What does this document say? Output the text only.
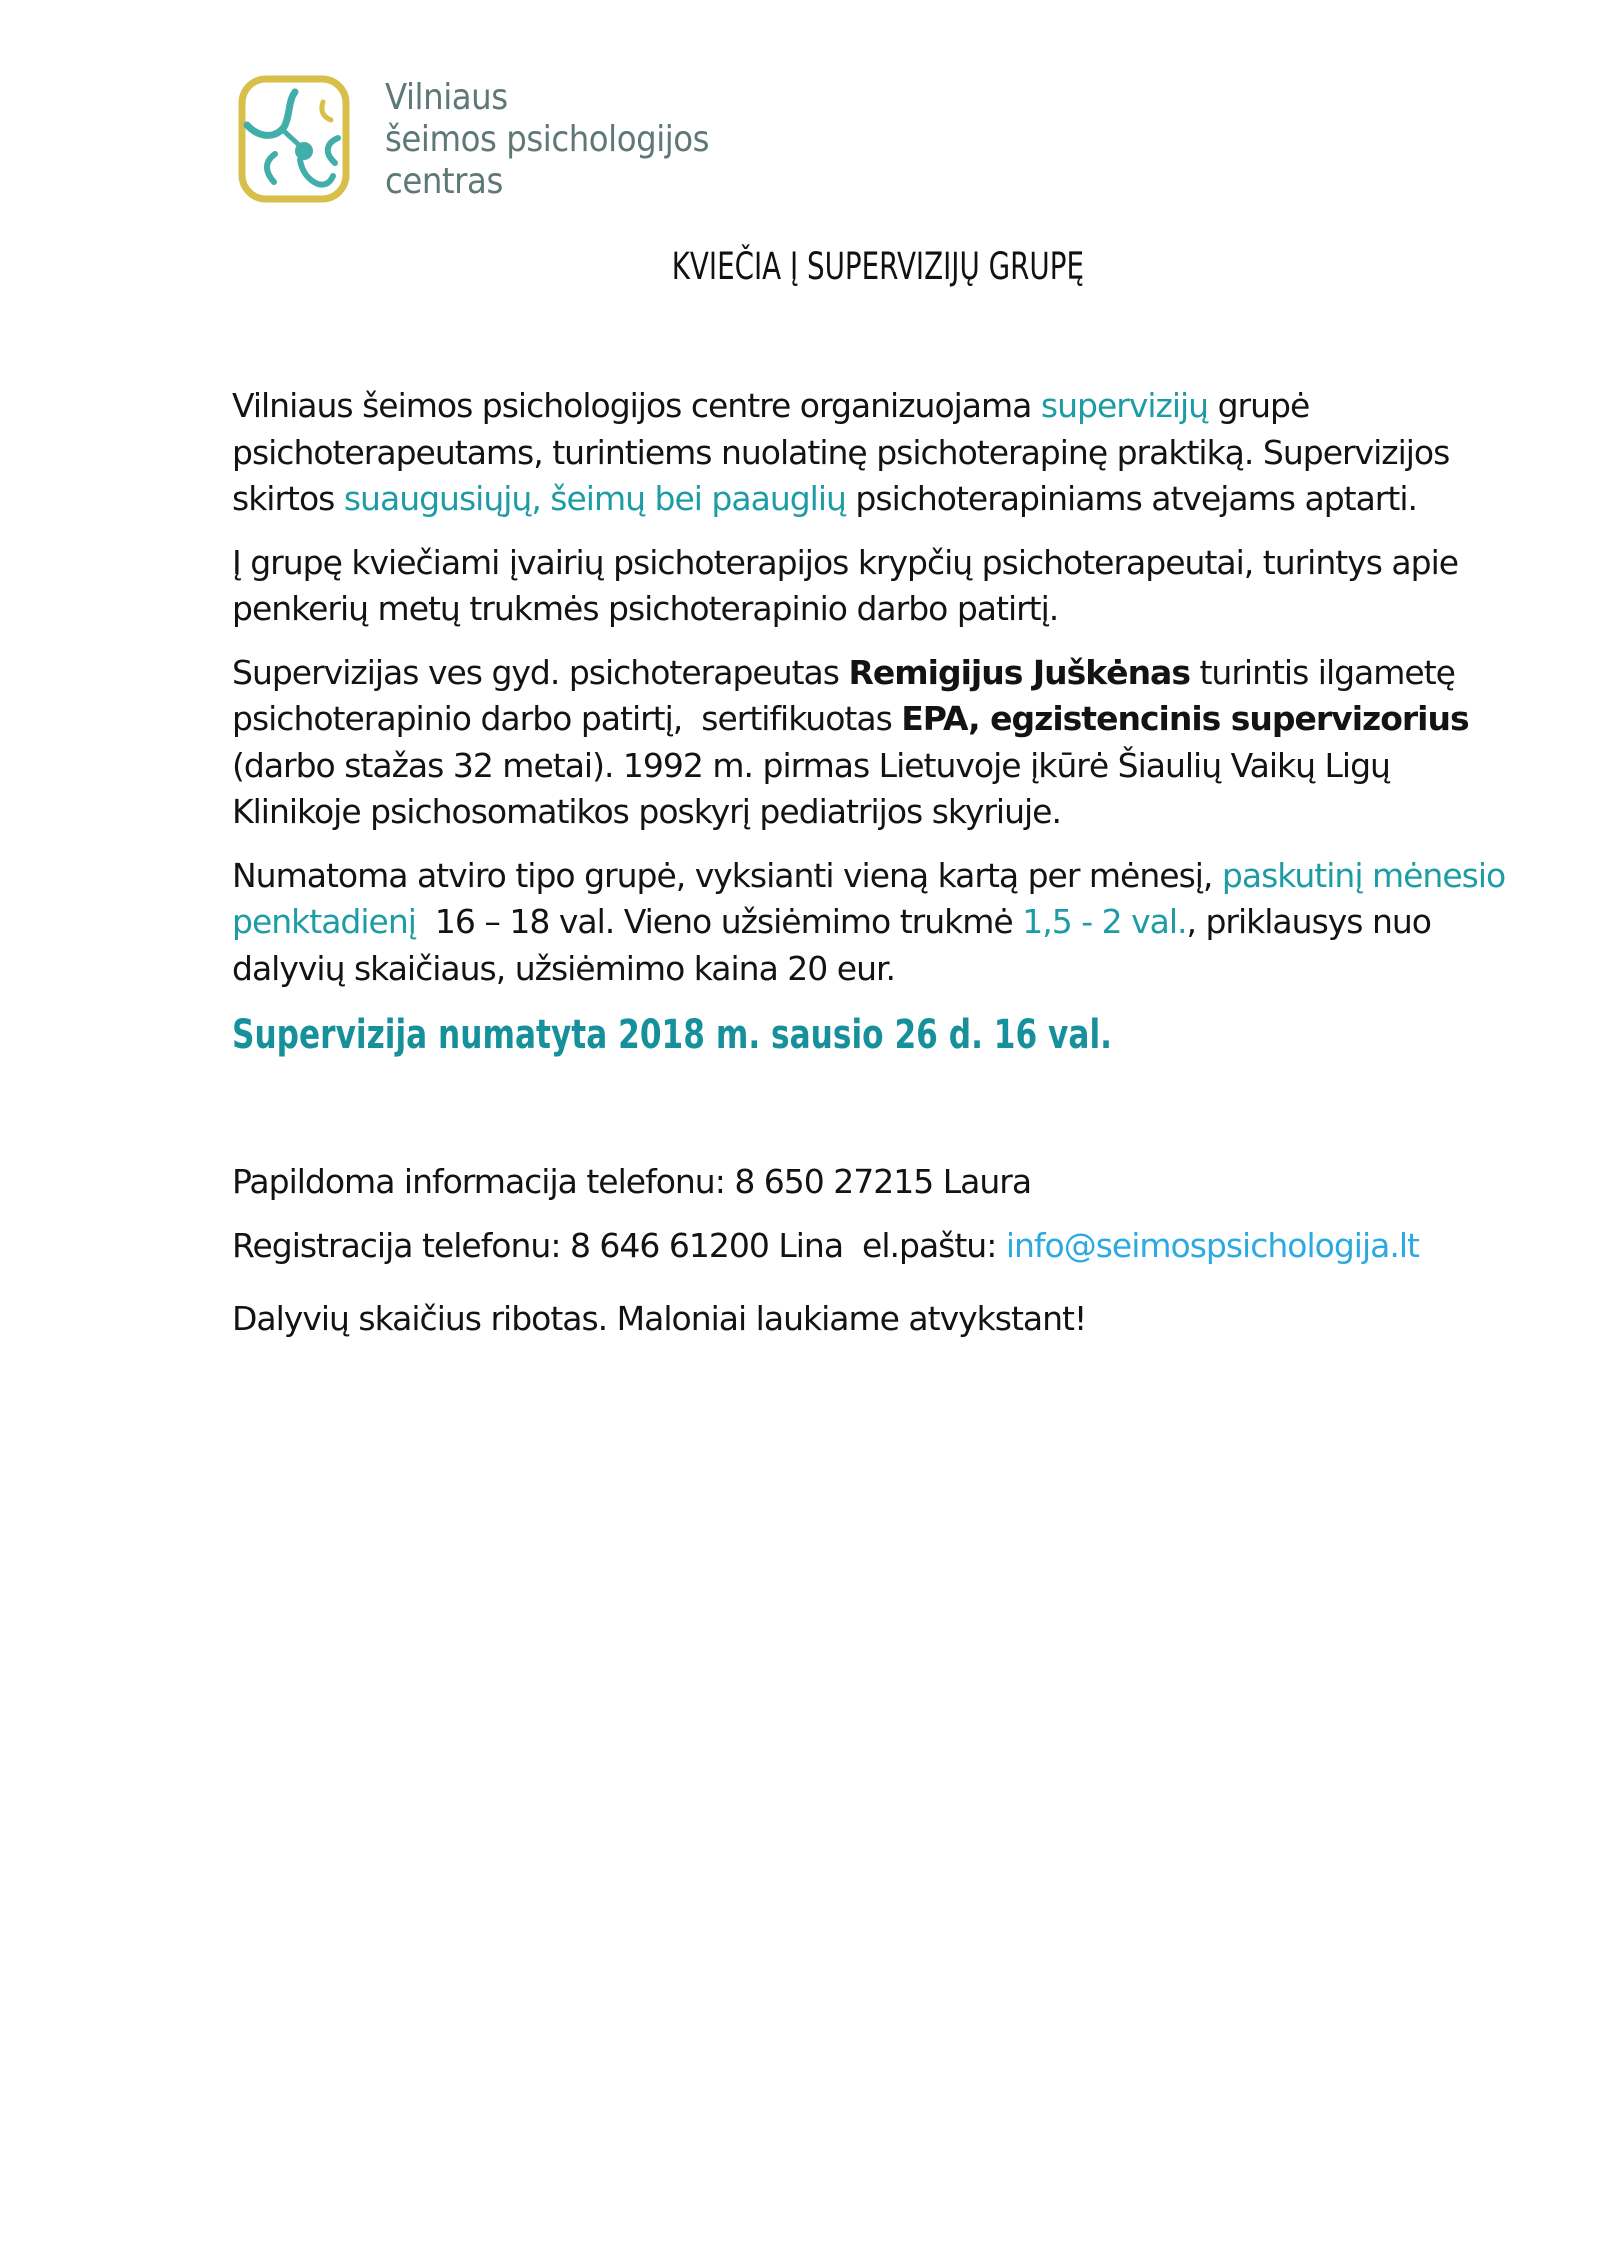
Vilniaus
šeimos psichologijos
centras
KVIEČIA Į SUPERVIZIJŲ GRUPĘ

Vilniaus šeimos psichologijos centre organizuojama supervizijų grupė psichoterapeutams, turintiems nuolatinę psichoterapinę praktiką. Supervizijos skirtos suaugusiųjų, šeimų bei paauglių psichoterapiniams atvejams aptarti.

Į grupę kviečiami įvairių psichoterapijos krypčių psichoterapeutai, turintys apie penkerių metų trukmės psichoterapinio darbo patirtį.

Supervizijas ves gyd. psichoterapeutas Remigijus Juškėnas turintis ilgametę psichoterapinio darbo patirtį,  sertifikuotas EPA, egzistencinis supervizorius (darbo stažas 32 metai). 1992 m. pirmas Lietuvoje įkūrė Šiaulių Vaikų Ligų Klinikoje psichosomatikos poskyrį pediatrijos skyriuje.

Numatoma atviro tipo grupė, vyksianti vieną kartą per mėnesį, paskutinį mėnesio penktadienį  16 – 18 val. Vieno užsiėmimo trukmė 1,5 - 2 val., priklausys nuo dalyvių skaičiaus, užsiėmimo kaina 20 eur.

Supervizija numatyta 2018 m. sausio 26 d. 16 val.

Papildoma informacija telefonu: 8 650 27215 Laura

Registracija telefonu: 8 646 61200 Lina  el.paštu: info@seimospsichologija.lt

Dalyvių skaičius ribotas. Maloniai laukiame atvykstant!
